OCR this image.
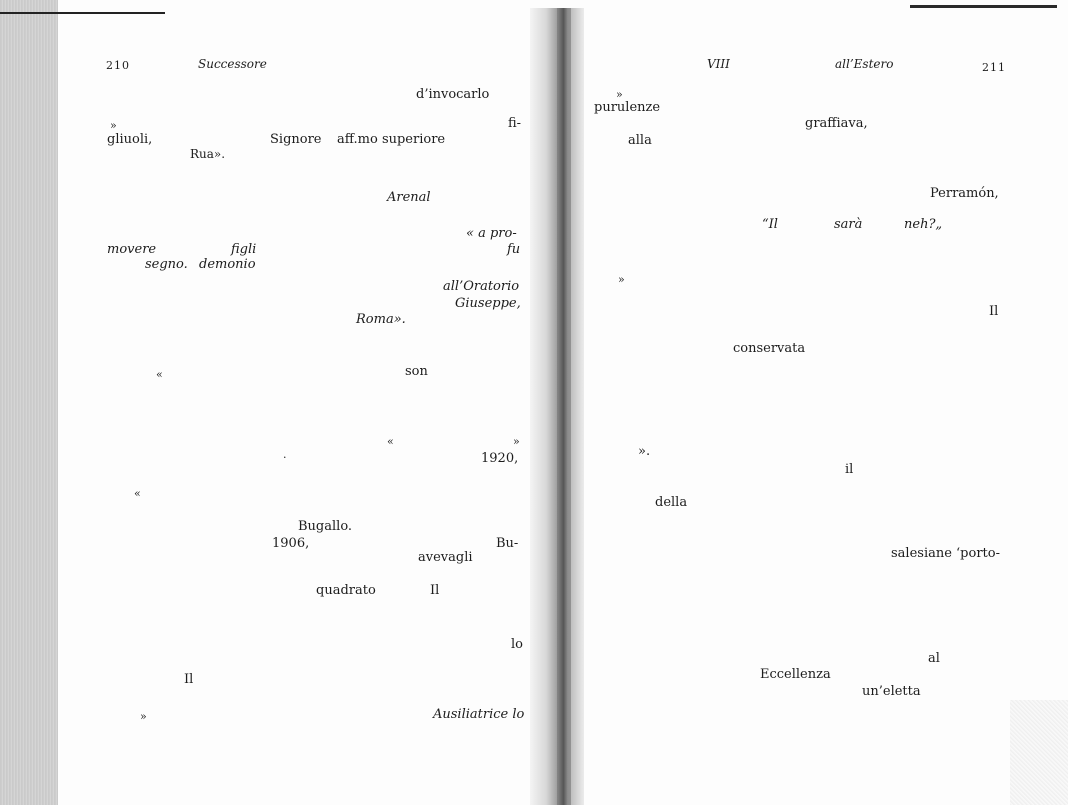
210	Successore
d’invocarlo
»	fi-
gliuoli,	Signore aff.mo superiore
Rua».
Arenal
« a pro-
movere	figli	fu
segno. demonio
all’Oratorio
Giuseppe,
Roma».
«	son
«	»
.	1920,
«
Bugallo.
1906,	Bu-
avevagli
quadrato	Il
lo
Il
»	Ausiliatrice lo
VIII	all’Estero	211
»
purulenze
graffiava,
alla
Perramón,
“Il	sarà	neh?„
»
Il
conservata
».
il
della
salesiane ‘porto-
al
Eccellenza
un’eletta
